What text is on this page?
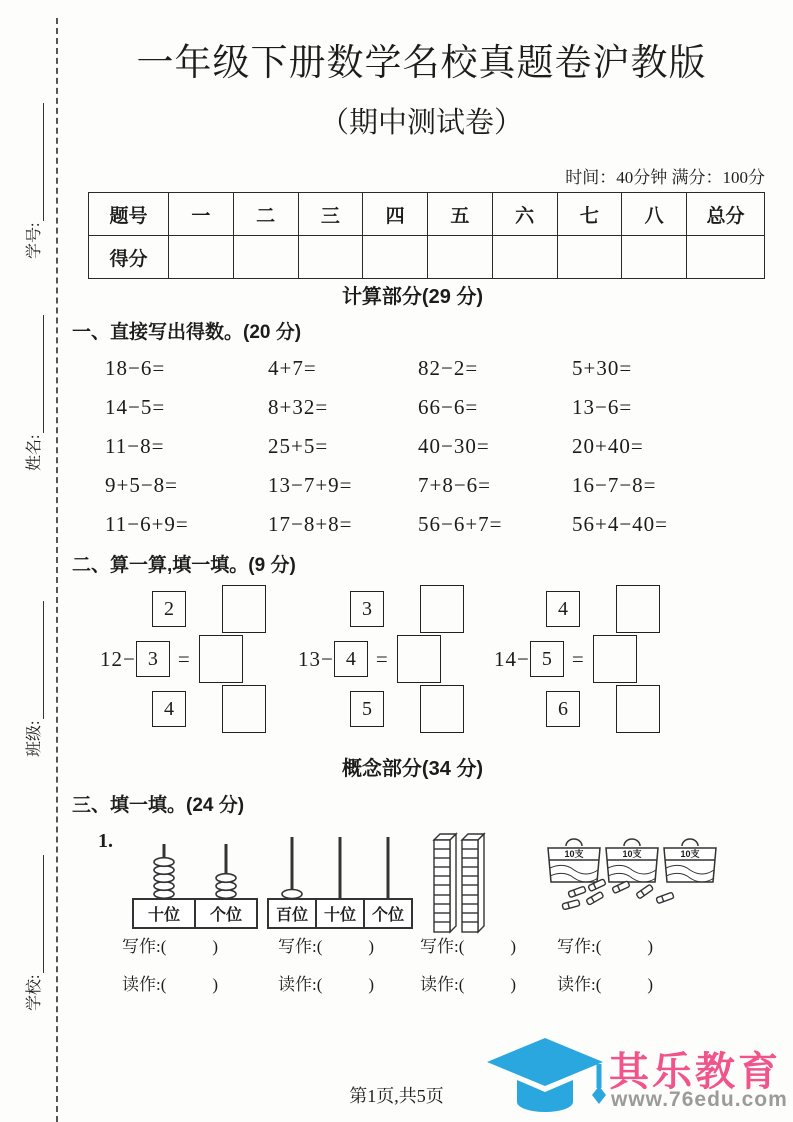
学号:
姓名:
班级:
学校:
一年级下册数学名校真题卷沪教版
（期中测试卷）
时间：40分钟 满分：100分
题号	一	二	三	四	五	六	七	八	总分
得分									
计算部分(29 分)
一、直接写出得数。(20 分)
18−6=	4+7=	82−2=	5+30=
14−5=	8+32=	66−6=	13−6=
11−8=	25+5=	40−30=	20+40=
9+5−8=	13−7+9=	7+8−6=	16−7−8=
11−6+9=	17−8+8=	56−6+7=	56+4−40=
二、算一算,填一填。(9 分)
2
12− 3 =
4
3
13− 4 =
5
4
14− 5 =
6
概念部分(34 分)
三、填一填。(24 分)
1.
十位 个位 百位 十位 个位
10支	10支	10支
写作:(	)	写作:(	)	写作:(	) 写作:(	)
读作:(	)	读作:(	)	读作:(	) 读作:(	)
第1页,共5页
其乐教育
www.76edu.com
